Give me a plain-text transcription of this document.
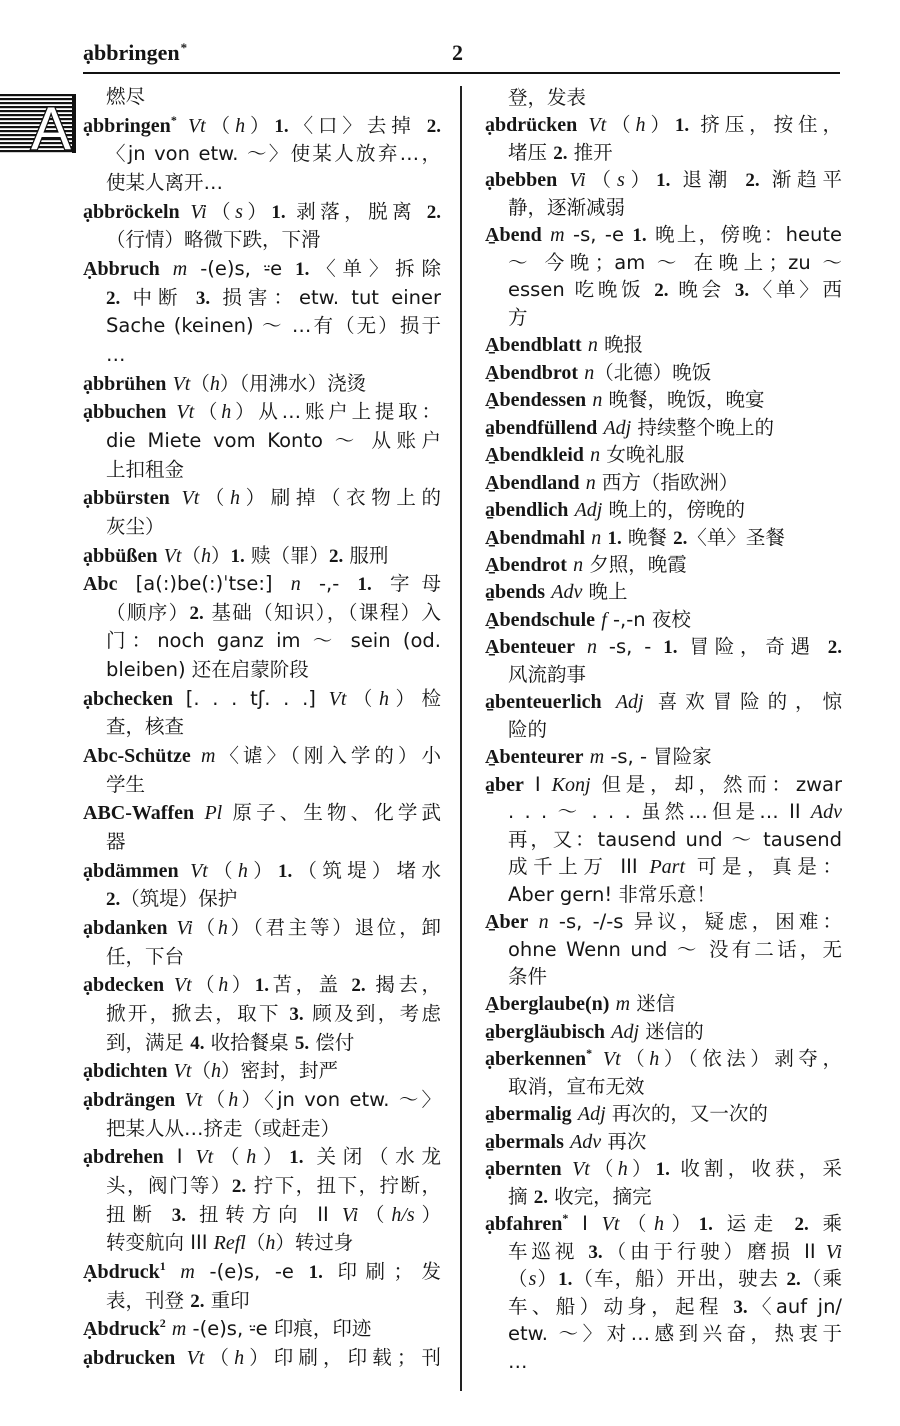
ạbbringen*	2
A	燃尽
ạbbringen* Vt（h）1.〈口〉去掉 2.
〈jn von etw. ～〉使某人放弃…，
使某人离开…
ạbbröckeln Vi（s）1. 剥落，脱离 2.
（行情）略微下跌，下滑
Ạbbruch m -(e)s, ⸚e 1.〈单〉拆除
2. 中断 3. 损害：etw. tut einer
Sache (keinen) ～ …有（无）损于
…
ạbbrühen Vt（h）（用沸水）浇烫
ạbbuchen Vt（h）从…账户上提取：
die Miete vom Konto ～ 从账户
上扣租金
ạbbürsten Vt（h）刷掉（衣物上的
灰尘）
ạbbüßen Vt（h）1. 赎（罪）2. 服刑
Abc [a(:)be(:)ˈtse:] n -,- 1. 字母
（顺序）2. 基础（知识），（课程）入
门：noch ganz im ～ sein (od.
bleiben) 还在启蒙阶段
ạbchecken [. . . tʃ. . .] Vt（h）检
查，核查
Abc-Schütze m〈谑〉（刚入学的）小
学生
ABC-Waffen Pl 原子、生物、化学武
器
ạbdämmen Vt（h）1.（筑堤）堵水
2.（筑堤）保护
ạbdanken Vi（h）（君主等）退位，卸
任，下台
ạbdecken Vt（h）1.苫，盖 2. 揭去，
掀开，掀去，取下 3. 顾及到，考虑
到，满足 4. 收拾餐桌 5. 偿付
ạbdichten Vt（h）密封，封严
ạbdrängen Vt（h）〈jn von etw. ～〉
把某人从…挤走（或赶走）
ạbdrehen I Vt（h）1. 关闭（水龙
头，阀门等）2. 拧下，扭下，拧断，
扭断 3. 扭转方向 II Vi（h/s）
转变航向 III Refl（h）转过身
Ạbdruck$^1$ m -(e)s, -e 1. 印刷；发
表，刊登 2. 重印
Ạbdruck$^2$ m -(e)s, ⸚e 印痕，印迹
ạbdrucken Vt（h）印刷，印载；刊
登，发表
ạbdrücken Vt（h）1. 挤压，按住，
堵压 2. 推开
ạbebben Vi（s）1. 退潮 2. 渐趋平
静，逐渐减弱
A̱bend m -s, -e 1. 晚上，傍晚：heute
～ 今晚；am ～ 在晚上；zu ～
essen 吃晚饭 2. 晚会 3.〈单〉西
方
A̱bendblatt n 晚报
A̱bendbrot n（北德）晚饭
A̱bendessen n 晚餐，晚饭，晚宴
a̱bendfüllend Adj 持续整个晚上的
A̱bendkleid n 女晚礼服
A̱bendland n 西方（指欧洲）
a̱bendlich Adj 晚上的，傍晚的
A̱bendmahl n 1. 晚餐 2.〈单〉圣餐
A̱bendrot n 夕照，晚霞
a̱bends Adv 晚上
A̱bendschule f -,-n 夜校
A̱benteuer n -s, - 1. 冒险，奇遇 2.
风流韵事
a̱benteuerlich Adj 喜欢冒险的，惊
险的
A̱benteurer m -s, - 冒险家
a̱ber I Konj 但是，却，然而：zwar
. . . ～ . . . 虽然…但是… II Adv
再，又：tausend und ～ tausend
成千上万 III Part 可是，真是：
Aber gern! 非常乐意！
A̱ber n -s, -/-s 异议，疑虑，困难：
ohne Wenn und ～ 没有二话，无
条件
A̱berglaube(n) m 迷信
a̱bergläubisch Adj 迷信的
ạberkennen* Vt（h）（依法）剥夺，
取消，宣布无效
a̱bermalig Adj 再次的，又一次的
a̱bermals Adv 再次
ạbernten Vt（h）1. 收割，收获，采
摘 2. 收完，摘完
ạbfahren* I Vt（h）1. 运走 2. 乘
车巡视 3.（由于行驶）磨损 II Vi
（s）1.（车，船）开出，驶去 2.（乘
车、船）动身，起程 3.〈auf jn/
etw. ～〉对…感到兴奋，热衷于
…
